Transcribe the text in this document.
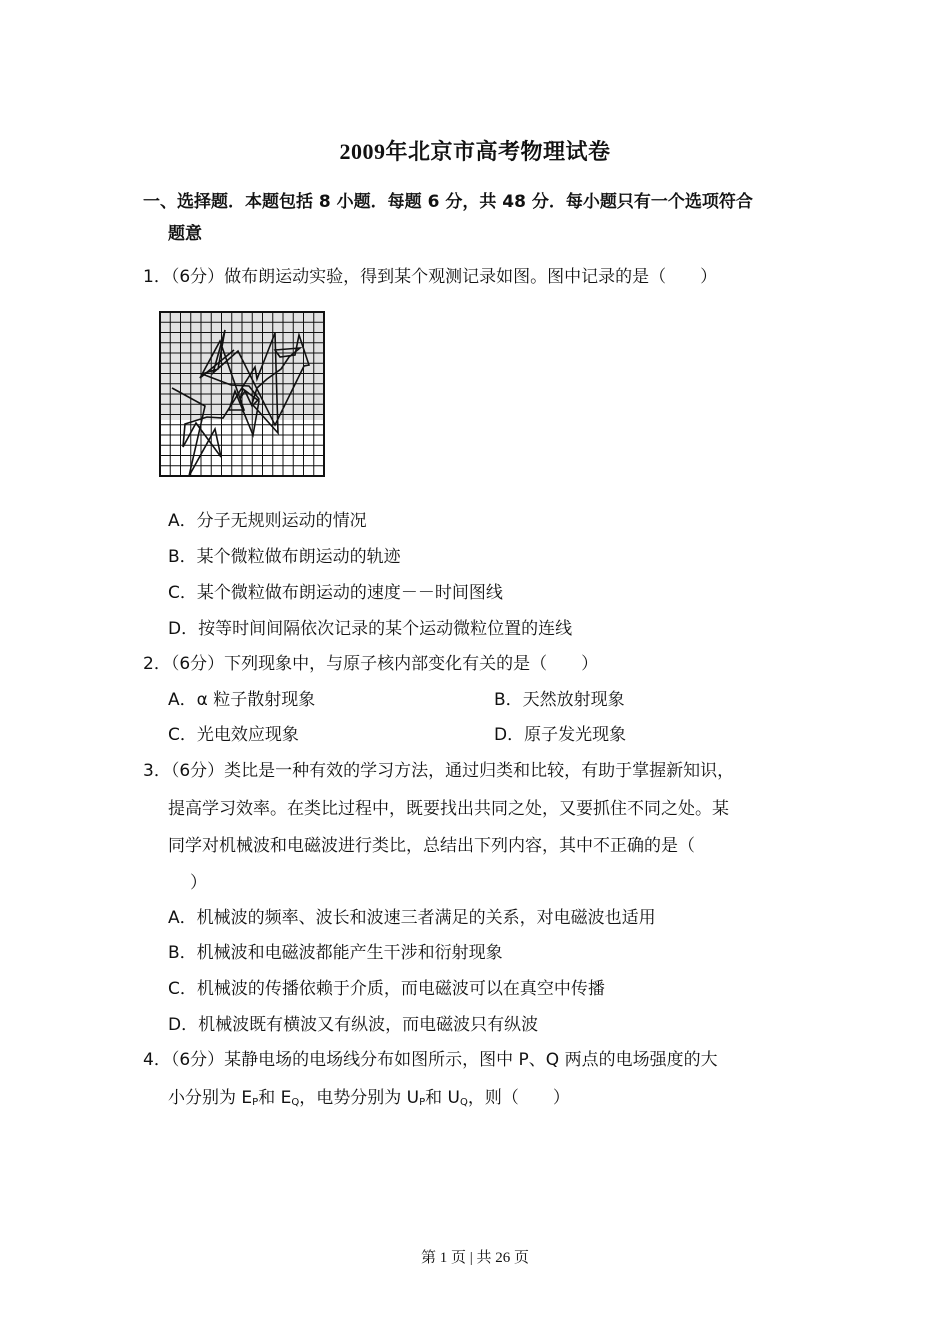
2009年北京市高考物理试卷
一、选择题．本题包括 8 小题．每题 6 分，共 48 分．每小题只有一个选项符合
题意
1．（6分）做布朗运动实验，得到某个观测记录如图。图中记录的是（　　）
A．分子无规则运动的情况
B．某个微粒做布朗运动的轨迹
C．某个微粒做布朗运动的速度－－时间图线
D．按等时间间隔依次记录的某个运动微粒位置的连线
2．（6分）下列现象中，与原子核内部变化有关的是（　　）
A．α 粒子散射现象	B．天然放射现象
C．光电效应现象	D．原子发光现象
3．（6分）类比是一种有效的学习方法，通过归类和比较，有助于掌握新知识，
提高学习效率。在类比过程中，既要找出共同之处，又要抓住不同之处。某
同学对机械波和电磁波进行类比，总结出下列内容，其中不正确的是（
）
A．机械波的频率、波长和波速三者满足的关系，对电磁波也适用
B．机械波和电磁波都能产生干涉和衍射现象
C．机械波的传播依赖于介质，而电磁波可以在真空中传播
D．机械波既有横波又有纵波，而电磁波只有纵波
4．（6分）某静电场的电场线分布如图所示，图中 P、Q 两点的电场强度的大
小分别为 $E_P$和 $E_Q$，电势分别为 $U_P$和 $U_Q$，则（　　）
第 1 页 | 共 26 页
